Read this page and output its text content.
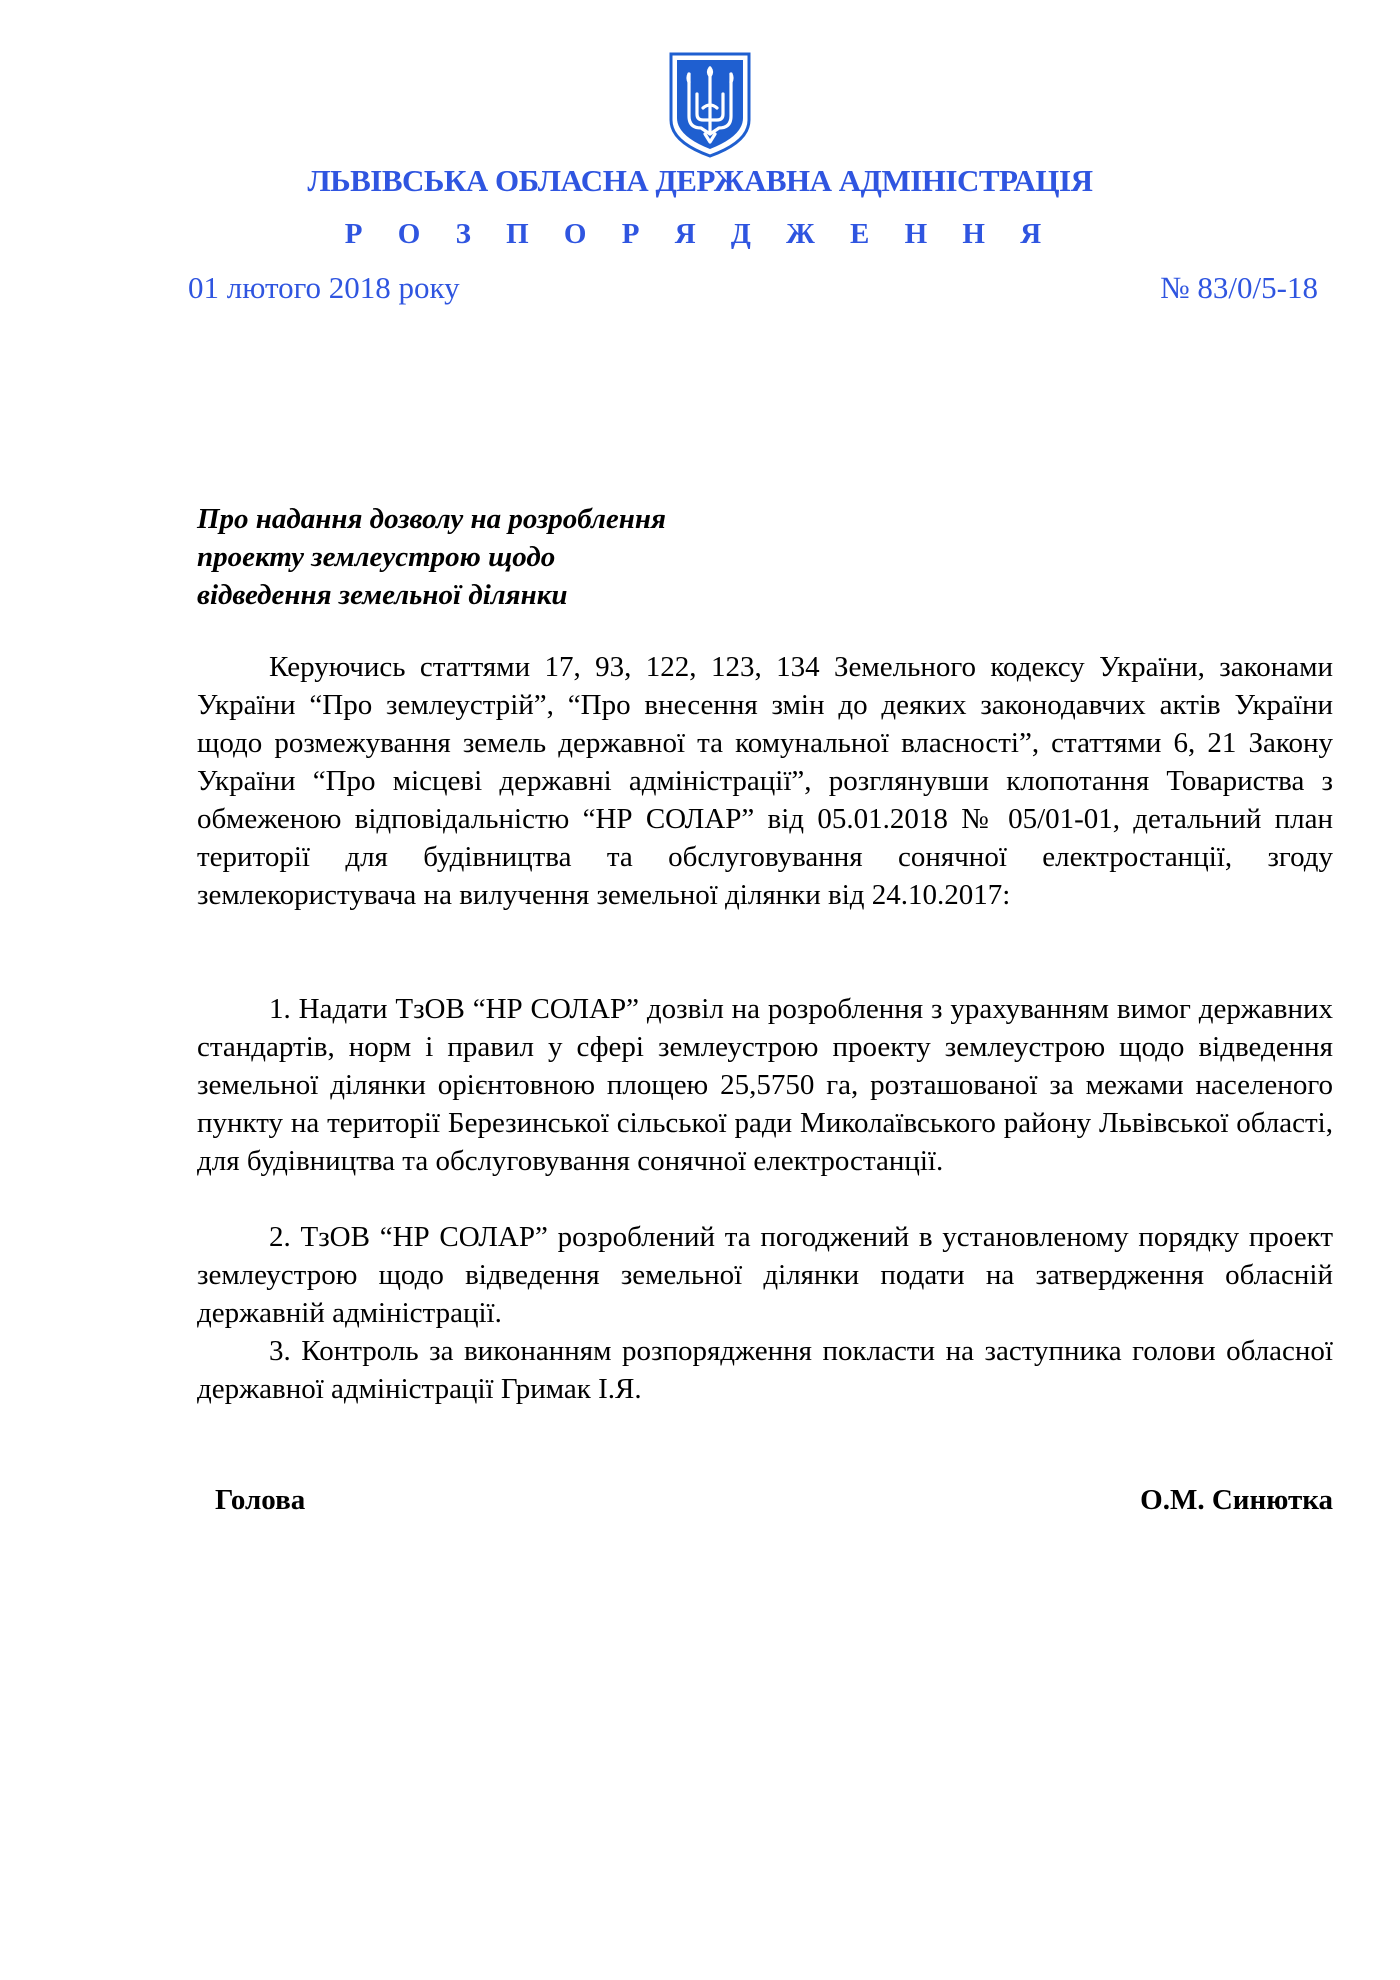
ЛЬВІВСЬКА ОБЛАСНА ДЕРЖАВНА АДМІНІСТРАЦІЯ
Р О З П О Р Я Д Ж Е Н Н Я
01 лютого 2018 року	№ 83/0/5-18
Про надання дозволу на розроблення
проекту землеустрою щодо
відведення земельної ділянки

Керуючись статтями 17, 93, 122, 123, 134 Земельного кодексу України, законами України “Про землеустрій”, “Про внесення змін до деяких законодавчих актів України щодо розмежування земель державної та комунальної власності”, статтями 6, 21 Закону України “Про місцеві державні адміністрації”, розглянувши клопотання Товариства з обмеженою відповідальністю “НР СОЛАР” від 05.01.2018 № 05/01-01, детальний план території для будівництва та обслуговування сонячної електростанції, згоду землекористувача на вилучення земельної ділянки від 24.10.2017:

1. Надати ТзОВ “НР СОЛАР” дозвіл на розроблення з урахуванням вимог державних стандартів, норм і правил у сфері землеустрою проекту землеустрою щодо відведення земельної ділянки орієнтовною площею 25,5750 га, розташованої за межами населеного пункту на території Березинської сільської ради Миколаївського району Львівської області, для будівництва та обслуговування сонячної електростанції.

2. ТзОВ “НР СОЛАР” розроблений та погоджений в установленому порядку проект землеустрою щодо відведення земельної ділянки подати на затвердження обласній державній адміністрації.

3. Контроль за виконанням розпорядження покласти на заступника голови обласної державної адміністрації Гримак І.Я.

Голова	О.М. Синютка
